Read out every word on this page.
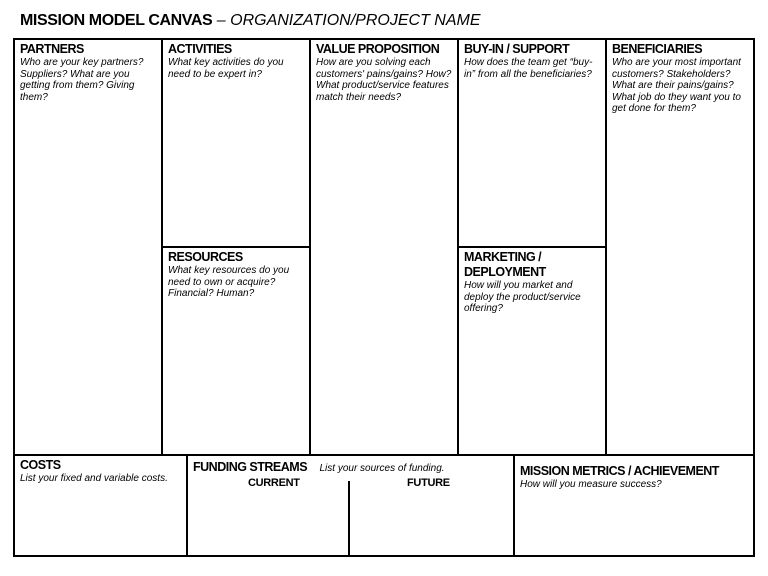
MISSION MODEL CANVAS – ORGANIZATION/PROJECT NAME
PARTNERS
Who are your key partners? Suppliers? What are you getting from them? Giving them?
ACTIVITIES
What key activities do you need to be expert in?
RESOURCES
What key resources do you need to own or acquire? Financial? Human?
VALUE PROPOSITION
How are you solving each customers' pains/gains? How? What product/service features match their needs?
BUY-IN / SUPPORT
How does the team get “buy-in” from all the beneficiaries?
MARKETING / DEPLOYMENT
How will you market and deploy the product/service offering?
BENEFICIARIES
Who are your most important customers? Stakeholders? What are their pains/gains? What job do they want you to get done for them?
COSTS
List your fixed and variable costs.
FUNDING STREAMS List your sources of funding.
CURRENT	FUTURE
MISSION METRICS / ACHIEVEMENT
How will you measure success?
